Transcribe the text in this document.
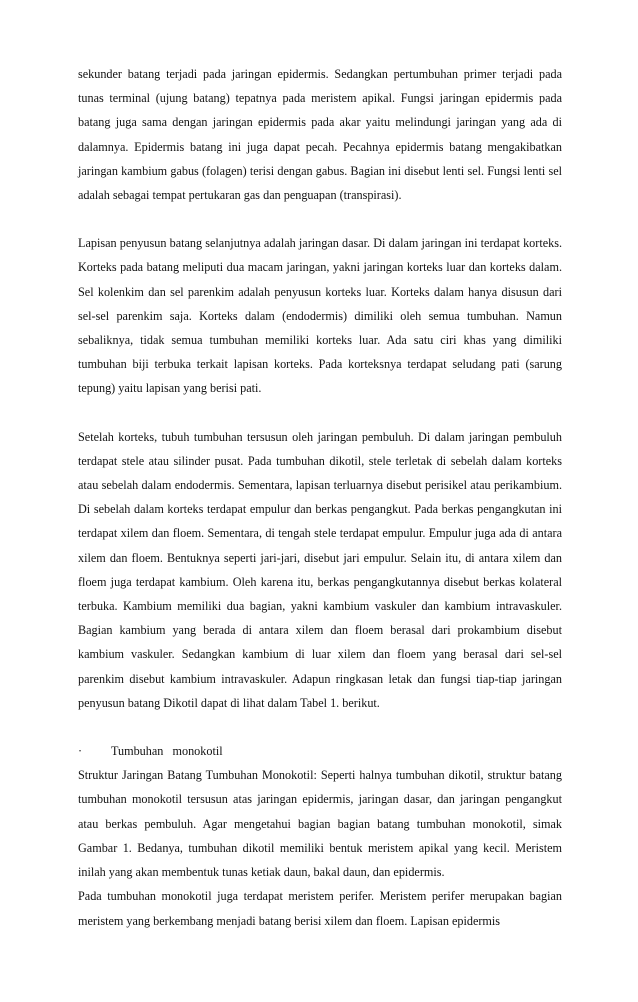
sekunder batang terjadi pada jaringan epidermis. Sedangkan pertumbuhan primer terjadi pada tunas terminal (ujung batang) tepatnya pada meristem apikal. Fungsi jaringan epidermis pada batang juga sama dengan jaringan epidermis pada akar yaitu melindungi jaringan yang ada di dalamnya. Epidermis batang ini juga dapat pecah. Pecahnya epidermis batang mengakibatkan jaringan kambium gabus (folagen) terisi dengan gabus. Bagian ini disebut lenti sel. Fungsi lenti sel adalah sebagai tempat pertukaran gas dan penguapan (transpirasi).

Lapisan penyusun batang selanjutnya adalah jaringan dasar. Di dalam jaringan ini terdapat korteks. Korteks pada batang meliputi dua macam jaringan, yakni jaringan korteks luar dan korteks dalam. Sel kolenkim dan sel parenkim adalah penyusun korteks luar. Korteks dalam hanya disusun dari sel-sel parenkim saja. Korteks dalam (endodermis) dimiliki oleh semua tumbuhan. Namun sebaliknya, tidak semua tumbuhan memiliki korteks luar. Ada satu ciri khas yang dimiliki tumbuhan biji terbuka terkait lapisan korteks. Pada korteksnya terdapat seludang pati (sarung tepung) yaitu lapisan yang berisi pati.

Setelah korteks, tubuh tumbuhan tersusun oleh jaringan pembuluh. Di dalam jaringan pembuluh terdapat stele atau silinder pusat. Pada tumbuhan dikotil, stele terletak di sebelah dalam korteks atau sebelah dalam endodermis. Sementara, lapisan terluarnya disebut perisikel atau perikambium. Di sebelah dalam korteks terdapat empulur dan berkas pengangkut. Pada berkas pengangkutan ini terdapat xilem dan floem. Sementara, di tengah stele terdapat empulur. Empulur juga ada di antara xilem dan floem. Bentuknya seperti jari-jari, disebut jari empulur. Selain itu, di antara xilem dan floem juga terdapat kambium. Oleh karena itu, berkas pengangkutannya disebut berkas kolateral terbuka. Kambium memiliki dua bagian, yakni kambium vaskuler dan kambium intravaskuler. Bagian kambium yang berada di antara xilem dan floem berasal dari prokambium disebut kambium vaskuler. Sedangkan kambium di luar xilem dan floem yang berasal dari sel-sel parenkim disebut kambium intravaskuler. Adapun ringkasan letak dan fungsi tiap-tiap jaringan penyusun batang Dikotil dapat di lihat dalam Tabel 1. berikut.

·	Tumbuhan   monokotil

Struktur Jaringan Batang Tumbuhan Monokotil: Seperti halnya tumbuhan dikotil, struktur batang tumbuhan monokotil tersusun atas jaringan epidermis, jaringan dasar, dan jaringan pengangkut atau berkas pembuluh. Agar mengetahui bagian bagian batang tumbuhan monokotil, simak Gambar 1. Bedanya, tumbuhan dikotil memiliki bentuk meristem apikal yang kecil. Meristem inilah yang akan membentuk tunas ketiak daun, bakal daun, dan epidermis.

Pada tumbuhan monokotil juga terdapat meristem perifer. Meristem perifer merupakan bagian meristem yang berkembang menjadi batang berisi xilem dan floem. Lapisan epidermis
